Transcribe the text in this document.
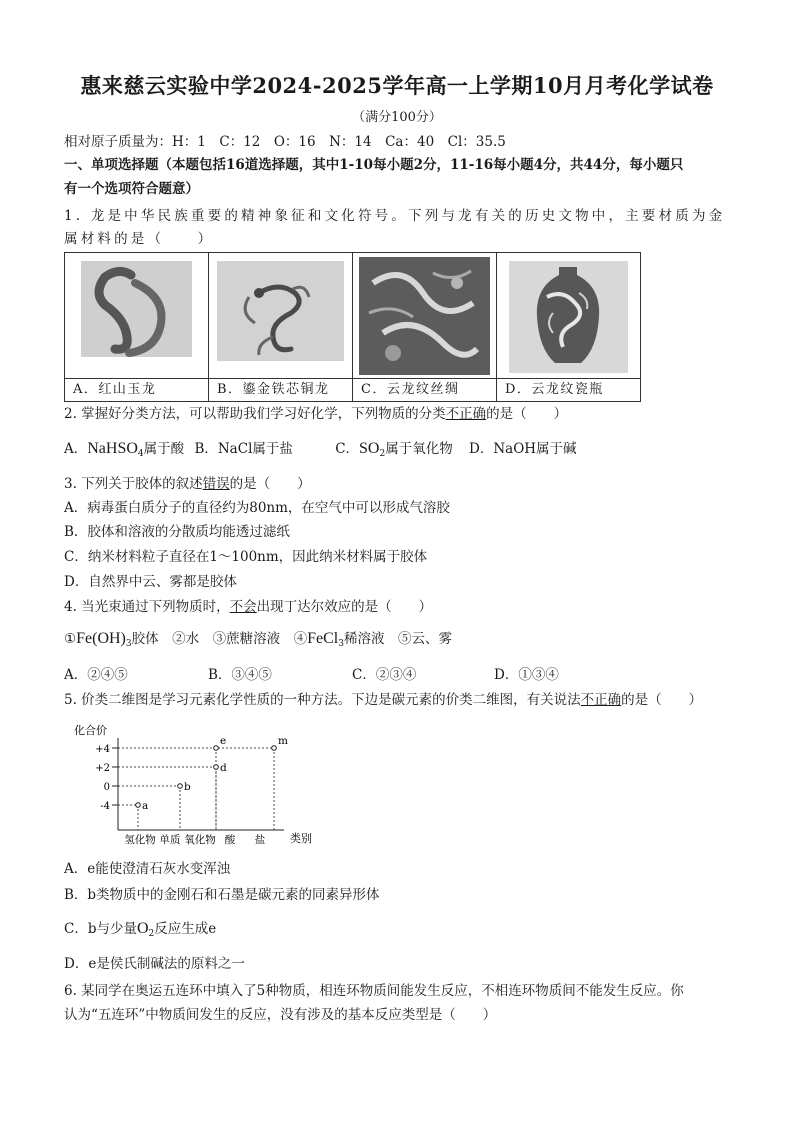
惠来慈云实验中学2024-2025学年高一上学期10月月考化学试卷
（满分100分）
相对原子质量为：H：1　C：12　O：16　N：14　Ca：40　Cl：35.5
一、单项选择题（本题包括16道选择题，其中1-10每小题2分，11-16每小题4分，共44分，每小题只
有一个选项符合题意）
1. 龙是中华民族重要的精神象征和文化符号。下列与龙有关的历史文物中，主要材质为金
属材料的是（　　）
A．红山玉龙	B．鎏金铁芯铜龙	C．云龙纹丝绸	D．云龙纹瓷瓶
2. 掌握好分类方法，可以帮助我们学习好化学，下列物质的分类不正确的是（　　）
A．NaHSO$_4$属于酸 B．NaCl属于盐	C．$SO_2$属于氧化物 D．NaOH属于碱
3. 下列关于胶体的叙述错误的是（　　）
A．病毒蛋白质分子的直径约为80nm，在空气中可以形成气溶胶
B．胶体和溶液的分散质均能透过滤纸
C．纳米材料粒子直径在1～100nm，因此纳米材料属于胶体
D．自然界中云、雾都是胶体
4. 当光束通过下列物质时，不会出现丁达尔效应的是（　　）
$①Fe(OH)_3$胶体　②水　③蔗糖溶液　④FeCl$_3$稀溶液　⑤云、雾
A．②④⑤	B．③④⑤	C．②③④	D．①③④
5. 价类二维图是学习元素化学性质的一种方法。下边是碳元素的价类二维图，有关说法不正确的是（　　）
化合价
类别
+4
+2
0
-4
氢化物 单质 氧化物 酸 盐
a
b
d
e	m
A．e能使澄清石灰水变浑浊
B．b类物质中的金刚石和石墨是碳元素的同素异形体
C．b与少量$O_2$反应生成e
D．e是侯氏制碱法的原料之一
6. 某同学在奥运五连环中填入了5种物质，相连环物质间能发生反应，不相连环物质间不能发生反应。你
认为“五连环”中物质间发生的反应，没有涉及的基本反应类型是（　　）
